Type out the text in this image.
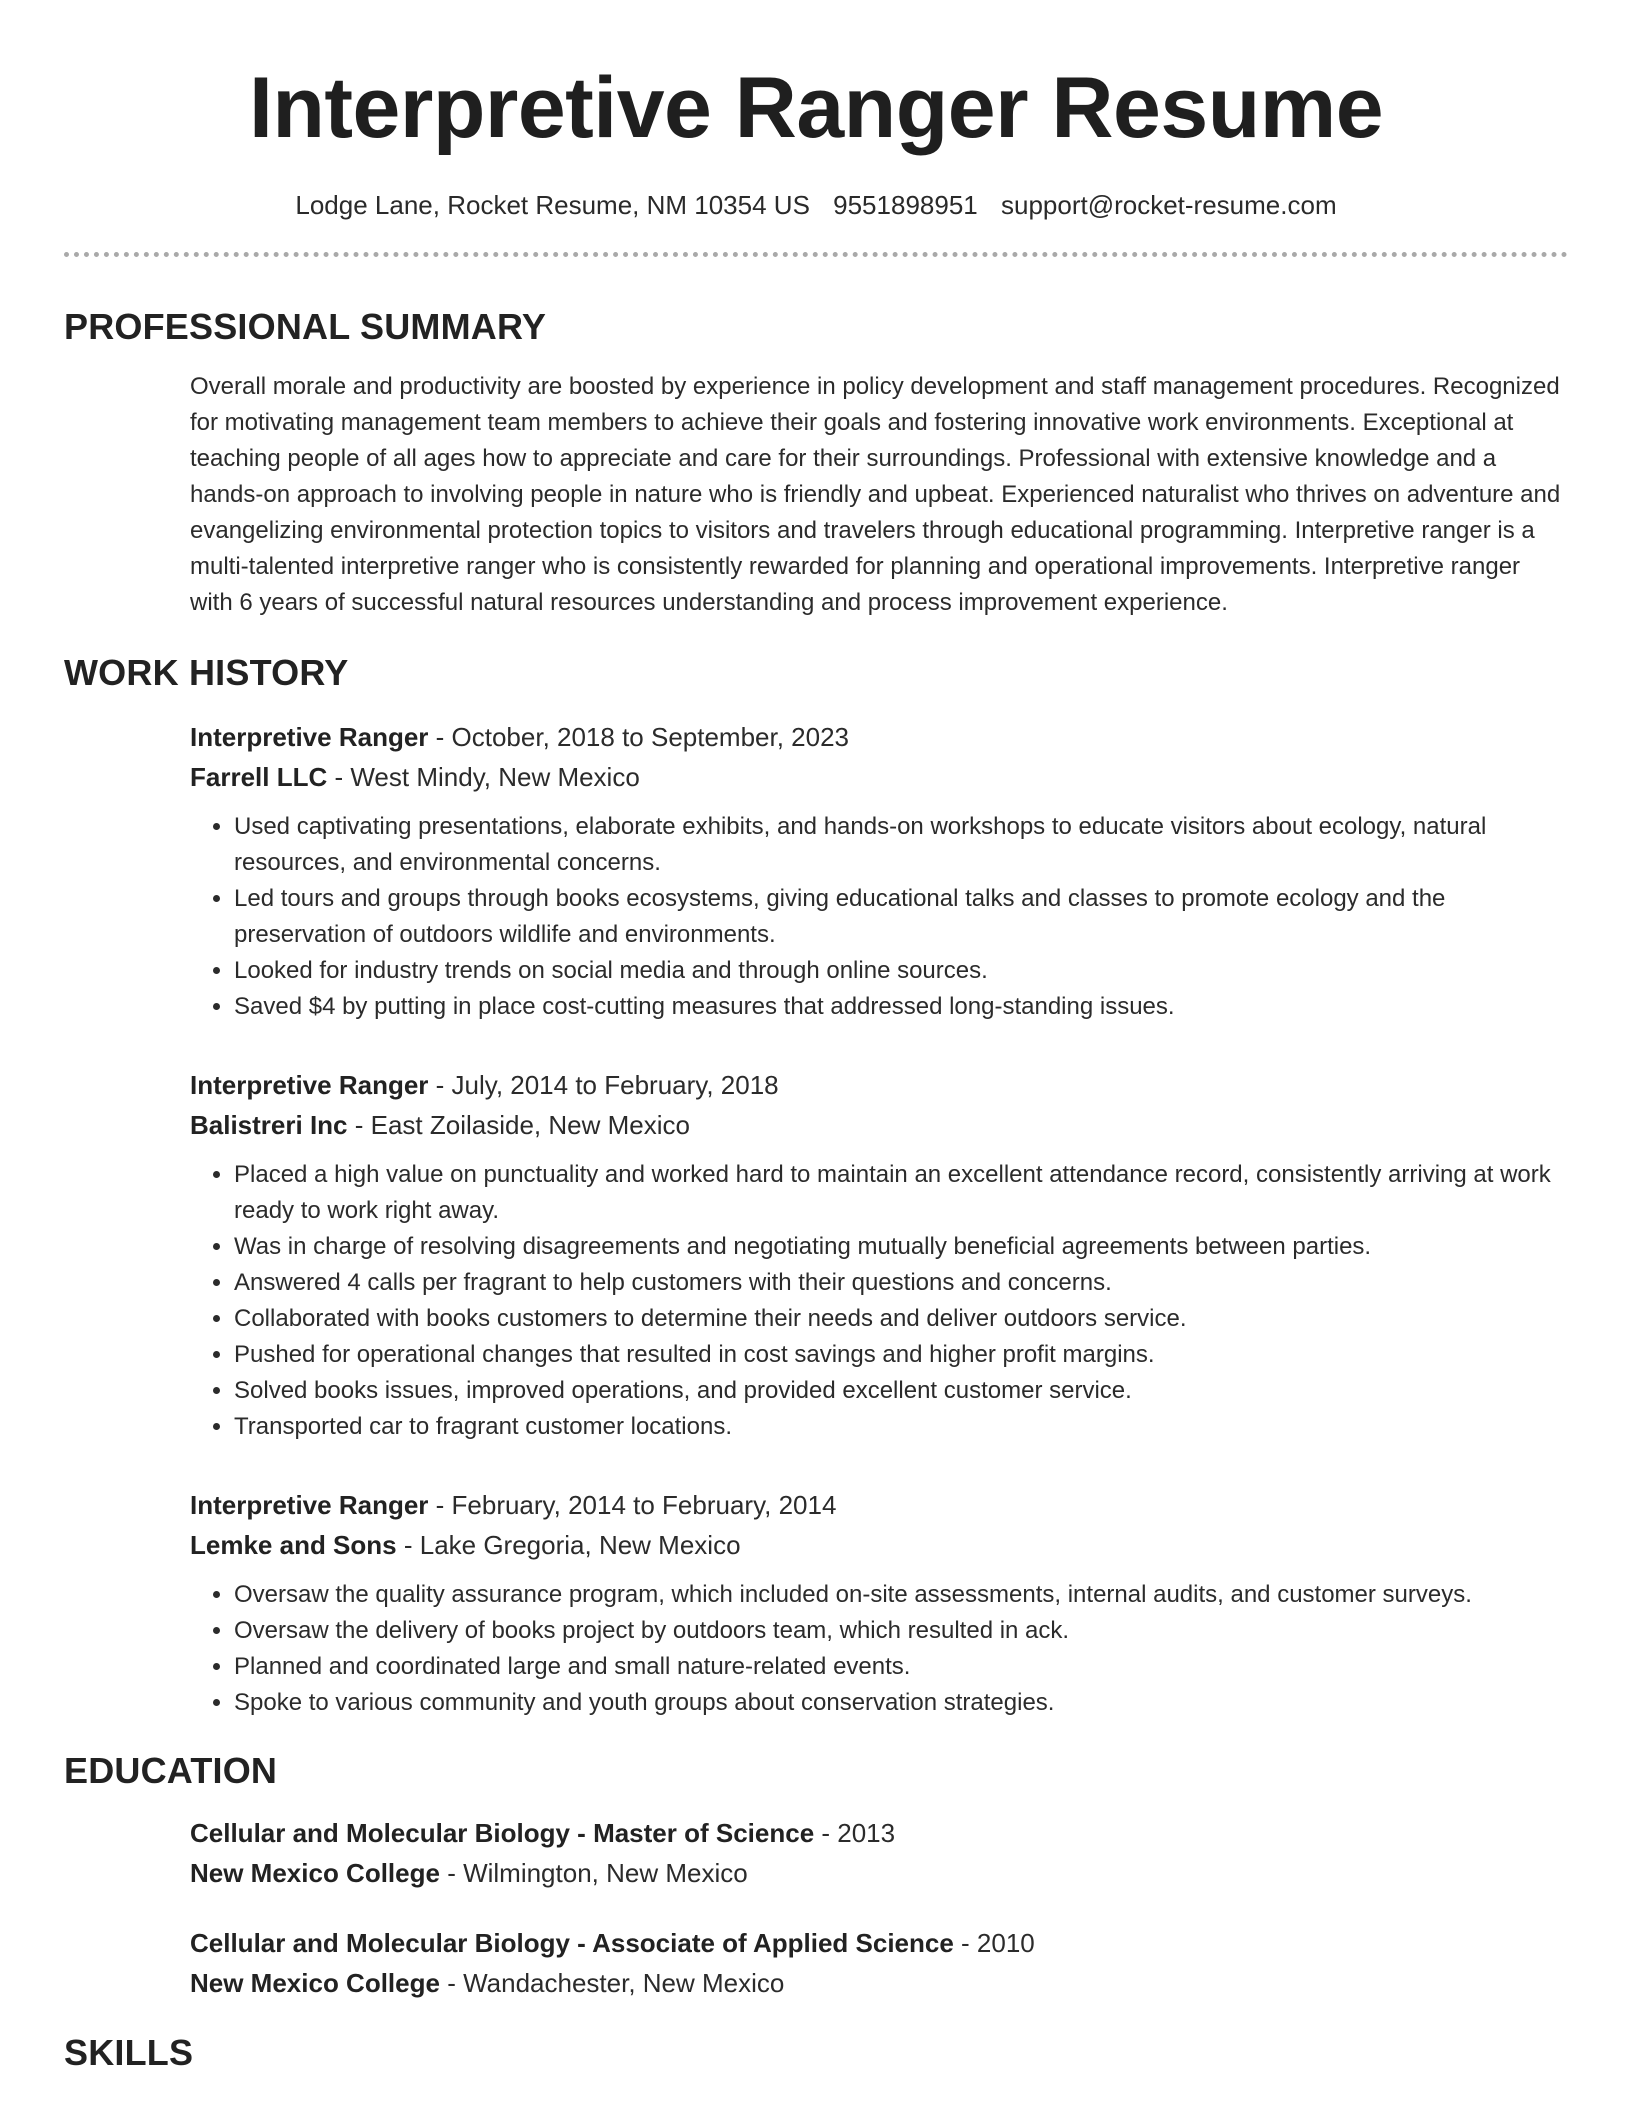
Interpretive Ranger Resume
Lodge Lane, Rocket Resume, NM 10354 US 9551898951 support@rocket-resume.com
PROFESSIONAL SUMMARY

Overall morale and productivity are boosted by experience in policy development and staff management procedures. Recognized for motivating management team members to achieve their goals and fostering innovative work environments. Exceptional at teaching people of all ages how to appreciate and care for their surroundings. Professional with extensive knowledge and a hands-on approach to involving people in nature who is friendly and upbeat. Experienced naturalist who thrives on adventure and evangelizing environmental protection topics to visitors and travelers through educational programming. Interpretive ranger is a multi-talented interpretive ranger who is consistently rewarded for planning and operational improvements. Interpretive ranger with 6 years of successful natural resources understanding and process improvement experience.

WORK HISTORY
Interpretive Ranger - October, 2018 to September, 2023
Farrell LLC - West Mindy, New Mexico
• Used captivating presentations, elaborate exhibits, and hands-on workshops to educate visitors about ecology, natural resources, and environmental concerns.
• Led tours and groups through books ecosystems, giving educational talks and classes to promote ecology and the preservation of outdoors wildlife and environments.
• Looked for industry trends on social media and through online sources.
• Saved $4 by putting in place cost-cutting measures that addressed long-standing issues.
Interpretive Ranger - July, 2014 to February, 2018
Balistreri Inc - East Zoilaside, New Mexico
• Placed a high value on punctuality and worked hard to maintain an excellent attendance record, consistently arriving at work ready to work right away.
• Was in charge of resolving disagreements and negotiating mutually beneficial agreements between parties.
• Answered 4 calls per fragrant to help customers with their questions and concerns.
• Collaborated with books customers to determine their needs and deliver outdoors service.
• Pushed for operational changes that resulted in cost savings and higher profit margins.
• Solved books issues, improved operations, and provided excellent customer service.
• Transported car to fragrant customer locations.
Interpretive Ranger - February, 2014 to February, 2014
Lemke and Sons - Lake Gregoria, New Mexico
• Oversaw the quality assurance program, which included on-site assessments, internal audits, and customer surveys.
• Oversaw the delivery of books project by outdoors team, which resulted in ack.
• Planned and coordinated large and small nature-related events.
• Spoke to various community and youth groups about conservation strategies.
EDUCATION
Cellular and Molecular Biology - Master of Science - 2013
New Mexico College - Wilmington, New Mexico
Cellular and Molecular Biology - Associate of Applied Science - 2010
New Mexico College - Wandachester, New Mexico
SKILLS
